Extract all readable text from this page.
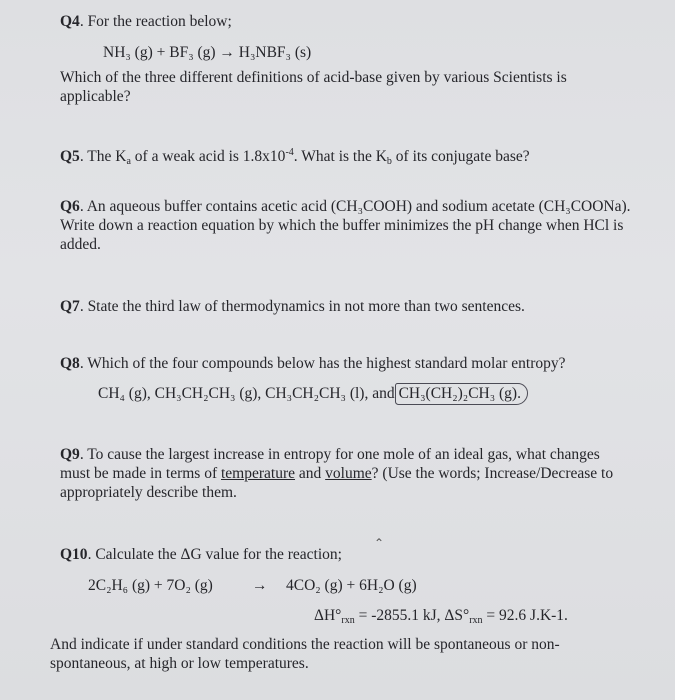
Q4. For the reaction below;
NH₃ (g) + BF₃ (g) → H₃NBF₃ (s)
Which of the three different definitions of acid-base given by various Scientists is applicable?
Q5. The $K_a$ of a weak acid is $1.8x10^{-4}$. What is the $K_b$ of its conjugate base?
Q6. An aqueous buffer contains acetic acid (CH₃COOH) and sodium acetate (CH₃COONa). Write down a reaction equation by which the buffer minimizes the pH change when HCl is added.
Q7. State the third law of thermodynamics in not more than two sentences.
Q8. Which of the four compounds below has the highest standard molar entropy?
CH₄ (g), CH₃CH₂CH₃ (g), CH₃CH₂CH₃ (l), and CH₃(CH₂)₂CH₃ (g).
Q9. To cause the largest increase in entropy for one mole of an ideal gas, what changes must be made in terms of temperature and volume? (Use the words; Increase/Decrease to appropriately describe them.
Q10. Calculate the ΔG value for the reaction;
⌃
2C₂H₆ (g) + 7O₂ (g)	→ 4CO₂ (g) + 6H₂O (g)
$\Delta H^\circ_{rxn} = -2855.1$ kJ, $\Delta S^\circ_{rxn} = 92.6$ J.K-1.
And indicate if under standard conditions the reaction will be spontaneous or non-spontaneous, at high or low temperatures.
